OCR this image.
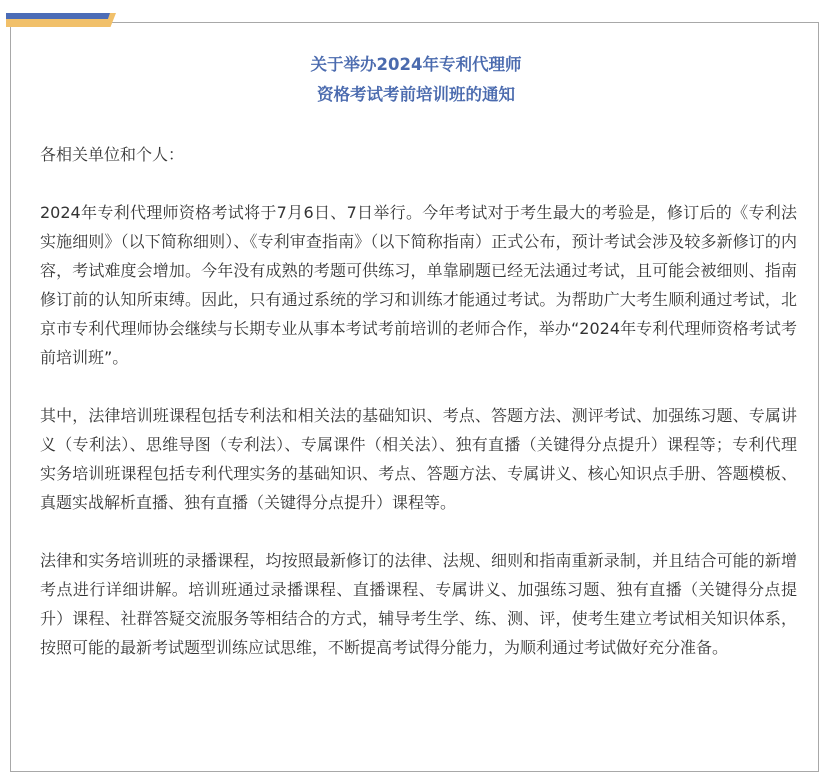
关于举办2024年专利代理师
资格考试考前培训班的通知

各相关单位和个人：

2024年专利代理师资格考试将于7月6日、7日举行。今年考试对于考生最大的考验是，修订后的《专利法实施细则》（以下简称细则）、《专利审查指南》（以下简称指南）正式公布，预计考试会涉及较多新修订的内容，考试难度会增加。今年没有成熟的考题可供练习，单靠刷题已经无法通过考试，且可能会被细则、指南修订前的认知所束缚。因此，只有通过系统的学习和训练才能通过考试。为帮助广大考生顺利通过考试，北京市专利代理师协会继续与长期专业从事本考试考前培训的老师合作，举办“2024年专利代理师资格考试考前培训班”。

其中，法律培训班课程包括专利法和相关法的基础知识、考点、答题方法、测评考试、加强练习题、专属讲义（专利法）、思维导图（专利法）、专属课件（相关法）、独有直播（关键得分点提升）课程等；专利代理实务培训班课程包括专利代理实务的基础知识、考点、答题方法、专属讲义、核心知识点手册、答题模板、真题实战解析直播、独有直播（关键得分点提升）课程等。

法律和实务培训班的录播课程，均按照最新修订的法律、法规、细则和指南重新录制，并且结合可能的新增考点进行详细讲解。培训班通过录播课程、直播课程、专属讲义、加强练习题、独有直播（关键得分点提升）课程、社群答疑交流服务等相结合的方式，辅导考生学、练、测、评，使考生建立考试相关知识体系，按照可能的最新考试题型训练应试思维，不断提高考试得分能力，为顺利通过考试做好充分准备。
